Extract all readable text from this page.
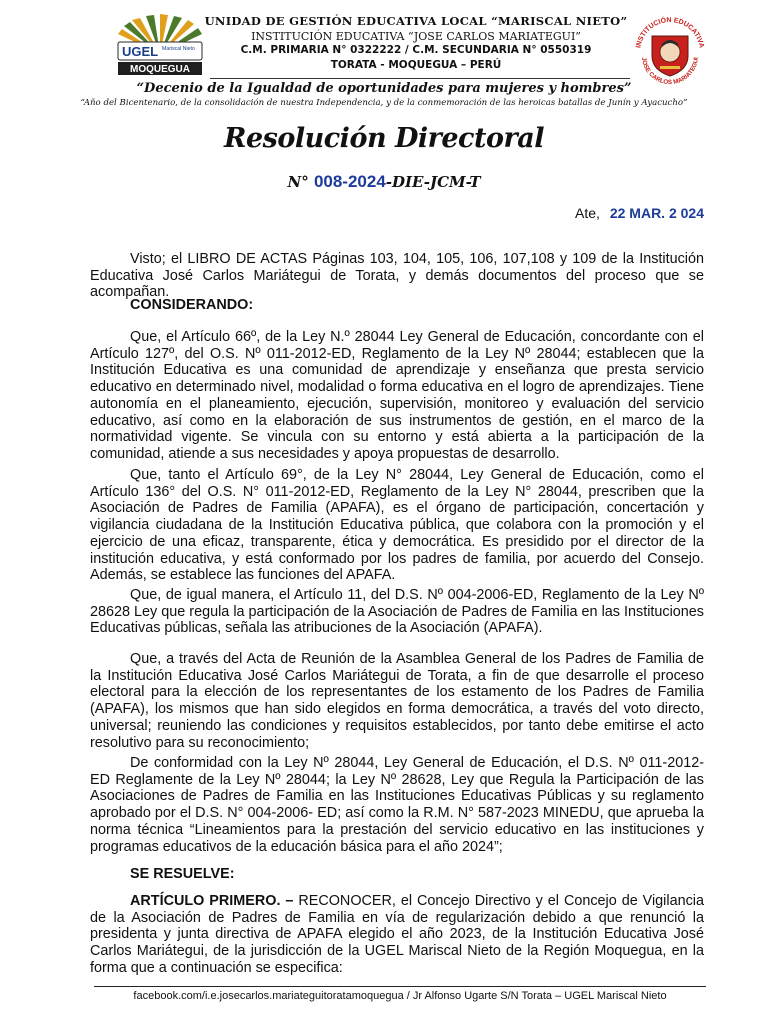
UGEL Mariscal Nieto
MOQUEGUA
UNIDAD DE GESTIÓN EDUCATIVA LOCAL “MARISCAL NIETO”
INSTITUCIÓN EDUCATIVA “JOSE CARLOS MARIATEGUI”
C.M. PRIMARIA N° 0322222 / C.M. SECUNDARIA N° 0550319
TORATA - MOQUEGUA – PERÚ
INSTITUCIÓN EDUCATIVA
JOSE CARLOS MARIATEGUI
“Decenio de la Igualdad de oportunidades para mujeres y hombres”
“Año del Bicentenario, de la consolidación de nuestra Independencia, y de la conmemoración de las heroicas batallas de Junín y Ayacucho”
Resolución Directoral
N° 008-2024-DIE-JCM-T
Ate, 22 MAR. 2 024
Visto; el LIBRO DE ACTAS Páginas 103, 104, 105, 106, 107,108 y 109 de la Institución Educativa José Carlos Mariátegui de Torata, y demás documentos del proceso que se acompañan.
CONSIDERANDO:
Que, el Artículo 66º, de la Ley N.º 28044 Ley General de Educación, concordante con el Artículo 127º, del O.S. Nº 011-2012-ED, Reglamento de la Ley Nº 28044; establecen que la Institución Educativa es una comunidad de aprendizaje y enseñanza que presta servicio educativo en determinado nivel, modalidad o forma educativa en el logro de aprendizajes. Tiene autonomía en el planeamiento, ejecución, supervisión, monitoreo y evaluación del servicio educativo, así como en la elaboración de sus instrumentos de gestión, en el marco de la normatividad vigente. Se vincula con su entorno y está abierta a la participación de la comunidad, atiende a sus necesidades y apoya propuestas de desarrollo.
Que, tanto el Artículo 69°, de la Ley N° 28044, Ley General de Educación, como el Artículo 136° del O.S. N° 011-2012-ED, Reglamento de la Ley N° 28044, prescriben que la Asociación de Padres de Familia (APAFA), es el órgano de participación, concertación y vigilancia ciudadana de la Institución Educativa pública, que colabora con la promoción y el ejercicio de una eficaz, transparente, ética y democrática. Es presidido por el director de la institución educativa, y está conformado por los padres de familia, por acuerdo del Consejo. Además, se establece las funciones del APAFA.
Que, de igual manera, el Artículo 11, del D.S. Nº 004-2006-ED, Reglamento de la Ley Nº 28628 Ley que regula la participación de la Asociación de Padres de Familia en las Instituciones Educativas públicas, señala las atribuciones de la Asociación (APAFA).
Que, a través del Acta de Reunión de la Asamblea General de los Padres de Familia de la Institución Educativa José Carlos Mariátegui de Torata, a fin de que desarrolle el proceso electoral para la elección de los representantes de los estamento de los Padres de Familia (APAFA), los mismos que han sido elegidos en forma democrática, a través del voto directo, universal; reuniendo las condiciones y requisitos establecidos, por tanto debe emitirse el acto resolutivo para su reconocimiento;
De conformidad con la Ley Nº 28044, Ley General de Educación, el D.S. Nº 011-2012- ED Reglamente de la Ley Nº 28044; la Ley Nº 28628, Ley que Regula la Participación de las Asociaciones de Padres de Familia en las Instituciones Educativas Públicas y su reglamento aprobado por el D.S. N° 004-2006- ED; así como la R.M. N° 587-2023 MINEDU, que aprueba la norma técnica “Lineamientos para la prestación del servicio educativo en las instituciones y programas educativos de la educación básica para el año 2024”;
SE RESUELVE:
ARTÍCULO PRIMERO. – RECONOCER, el Concejo Directivo y el Concejo de Vigilancia de la Asociación de Padres de Familia en vía de regularización debido a que renunció la presidenta y junta directiva de APAFA elegido el año 2023, de la Institución Educativa José Carlos Mariátegui, de la jurisdicción de la UGEL Mariscal Nieto de la Región Moquegua, en la forma que a continuación se especifica:
facebook.com/i.e.josecarlos.mariateguitoratamoquegua / Jr Alfonso Ugarte S/N Torata – UGEL Mariscal Nieto
